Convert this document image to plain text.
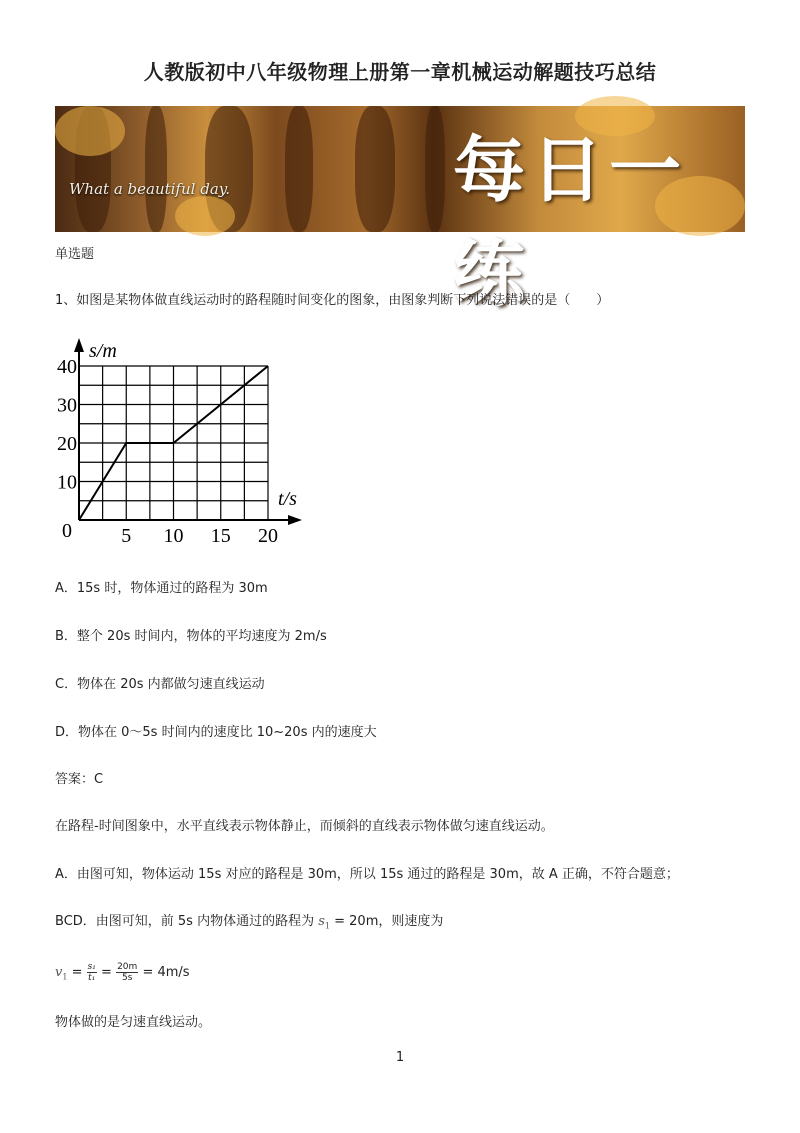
人教版初中八年级物理上册第一章机械运动解题技巧总结
What a beautiful day.	每日一练
单选题
1、如图是某物体做直线运动时的路程随时间变化的图象，由图象判断下列说法错误的是（　　）
5 10 15 20
10
20
30
40
s/m
t/s
0
A．15s 时，物体通过的路程为 30m
B．整个 20s 时间内，物体的平均速度为 2m/s
C．物体在 20s 内都做匀速直线运动
D．物体在 0～5s 时间内的速度比 10~20s 内的速度大
答案：C
在路程-时间图象中，水平直线表示物体静止，而倾斜的直线表示物体做匀速直线运动。
A．由图可知，物体运动 15s 对应的路程是 30m，所以 15s 通过的路程是 30m，故 A 正确，不符合题意；
BCD．由图可知，前 5s 内物体通过的路程为 $s_1 = 20m$，则速度为
$v_1 = \frac{\text{s₁}}{\text{t₁}} = \frac{20m}{5s} = 4m/s$
物体做的是匀速直线运动。
1
